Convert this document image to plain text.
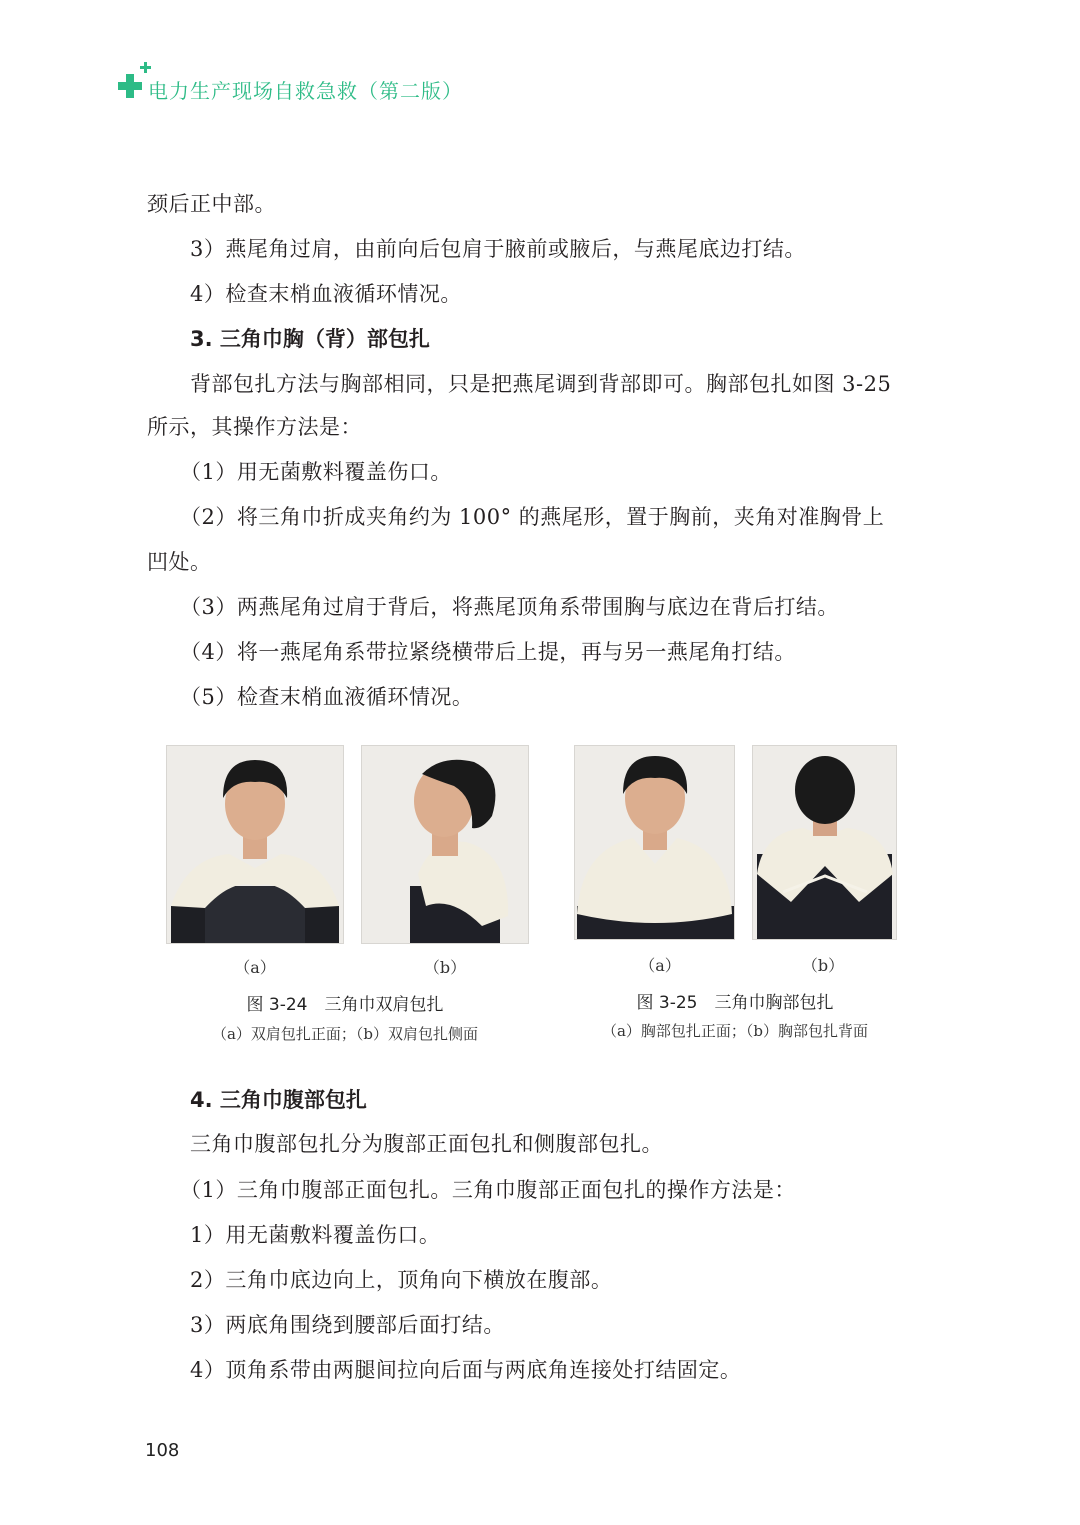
电力生产现场自救急救（第二版）
颈后正中部。
3）燕尾角过肩，由前向后包肩于腋前或腋后，与燕尾底边打结。
4）检查末梢血液循环情况。
3. 三角巾胸（背）部包扎
背部包扎方法与胸部相同，只是把燕尾调到背部即可。胸部包扎如图 3-25
所示，其操作方法是：
（1）用无菌敷料覆盖伤口。
（2）将三角巾折成夹角约为 100° 的燕尾形，置于胸前，夹角对准胸骨上
凹处。
（3）两燕尾角过肩于背后，将燕尾顶角系带围胸与底边在背后打结。
（4）将一燕尾角系带拉紧绕横带后上提，再与另一燕尾角打结。
（5）检查末梢血液循环情况。
（a）	（b）	（a）	（b）
图 3-24　三角巾双肩包扎
（a）双肩包扎正面；（b）双肩包扎侧面
图 3-25　三角巾胸部包扎
（a）胸部包扎正面；（b）胸部包扎背面
4. 三角巾腹部包扎
三角巾腹部包扎分为腹部正面包扎和侧腹部包扎。
（1）三角巾腹部正面包扎。三角巾腹部正面包扎的操作方法是：
1）用无菌敷料覆盖伤口。
2）三角巾底边向上，顶角向下横放在腹部。
3）两底角围绕到腰部后面打结。
4）顶角系带由两腿间拉向后面与两底角连接处打结固定。
108
